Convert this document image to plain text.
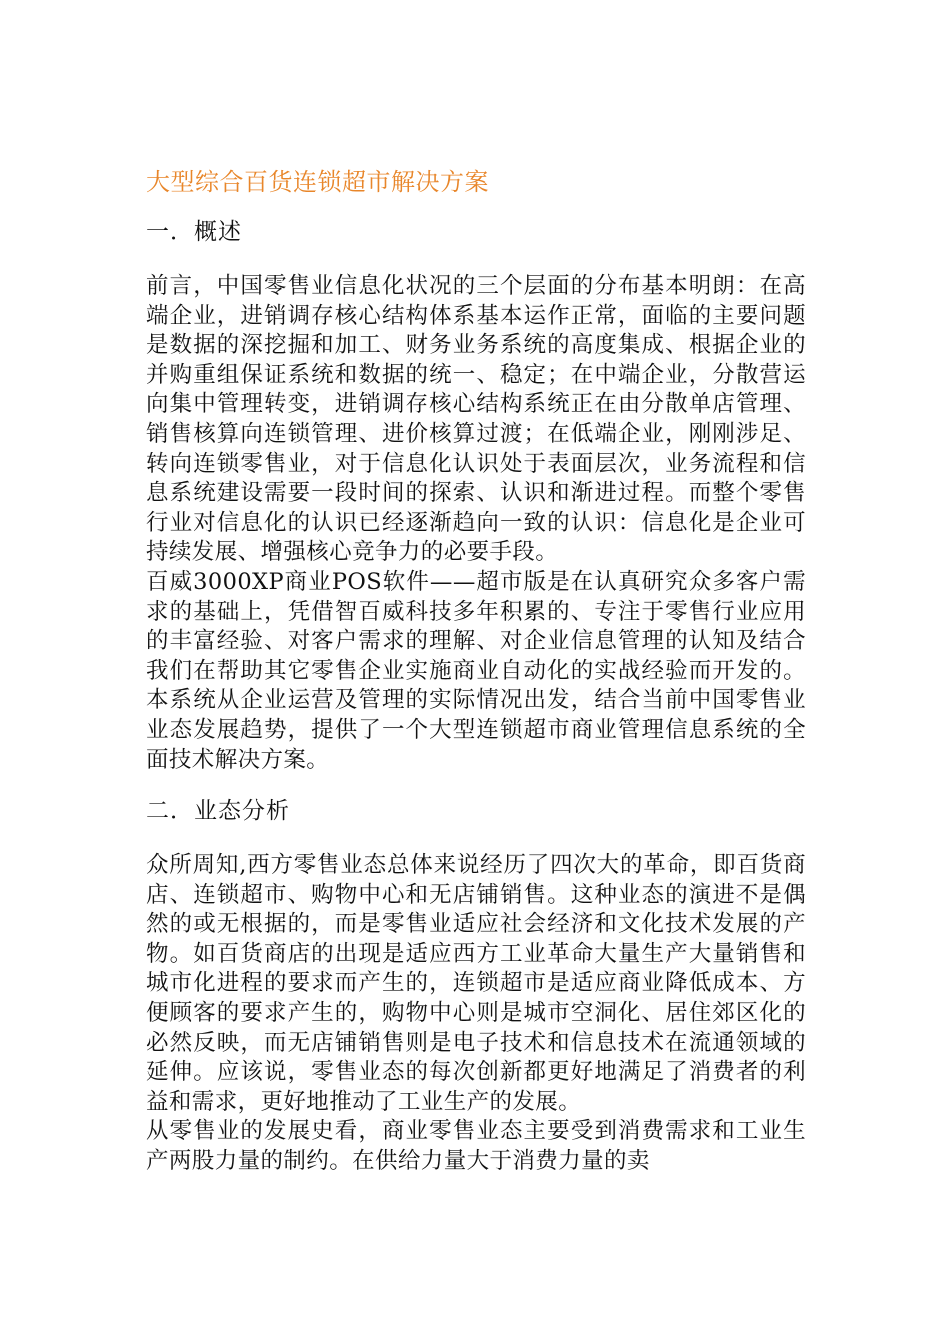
大型综合百货连锁超市解决方案
一．概述

前言，中国零售业信息化状况的三个层面的分布基本明朗：在高端企业，进销调存核心结构体系基本运作正常，面临的主要问题是数据的深挖掘和加工、财务业务系统的高度集成、根据企业的并购重组保证系统和数据的统一、稳定；在中端企业，分散营运向集中管理转变，进销调存核心结构系统正在由分散单店管理、销售核算向连锁管理、进价核算过渡；在低端企业，刚刚涉足、转向连锁零售业，对于信息化认识处于表面层次，业务流程和信息系统建设需要一段时间的探索、认识和渐进过程。而整个零售行业对信息化的认识已经逐渐趋向一致的认识：信息化是企业可持续发展、增强核心竞争力的必要手段。

百威3000XP商业POS软件——超市版是在认真研究众多客户需求的基础上，凭借智百威科技多年积累的、专注于零售行业应用的丰富经验、对客户需求的理解、对企业信息管理的认知及结合我们在帮助其它零售企业实施商业自动化的实战经验而开发的。本系统从企业运营及管理的实际情况出发，结合当前中国零售业业态发展趋势，提供了一个大型连锁超市商业管理信息系统的全面技术解决方案。

二．业态分析

众所周知,西方零售业态总体来说经历了四次大的革命，即百货商店、连锁超市、购物中心和无店铺销售。这种业态的演进不是偶然的或无根据的，而是零售业适应社会经济和文化技术发展的产物。如百货商店的出现是适应西方工业革命大量生产大量销售和城市化进程的要求而产生的，连锁超市是适应商业降低成本、方便顾客的要求产生的，购物中心则是城市空洞化、居住郊区化的必然反映，而无店铺销售则是电子技术和信息技术在流通领域的延伸。应该说，零售业态的每次创新都更好地满足了消费者的利益和需求，更好地推动了工业生产的发展。

从零售业的发展史看，商业零售业态主要受到消费需求和工业生产两股力量的制约。在供给力量大于消费力量的卖
